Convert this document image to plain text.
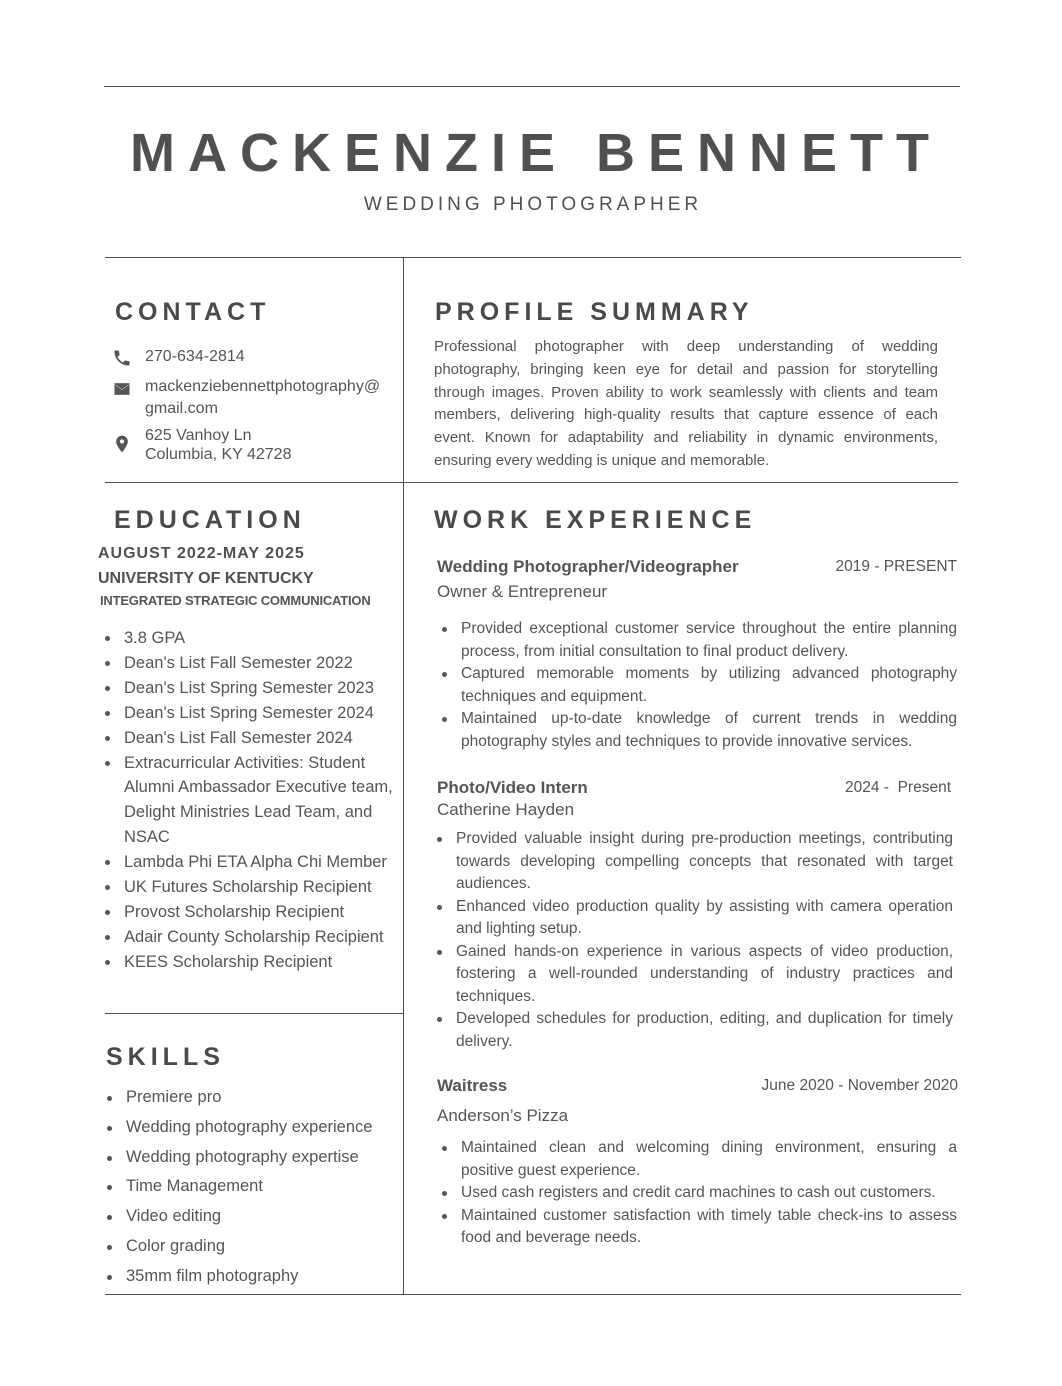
MACKENZIE BENNETT
WEDDING PHOTOGRAPHER
CONTACT
270-634-2814
mackenziebennettphotography@
gmail.com
625 Vanhoy Ln
Columbia, KY 42728
PROFILE SUMMARY
Professional photographer with deep understanding of wedding photography, bringing keen eye for detail and passion for storytelling through images. Proven ability to work seamlessly with clients and team members, delivering high-quality results that capture essence of each event. Known for adaptability and reliability in dynamic environments, ensuring every wedding is unique and memorable.
EDUCATION
AUGUST 2022-MAY 2025
UNIVERSITY OF KENTUCKY
INTEGRATED STRATEGIC COMMUNICATION
3.8 GPA
Dean's List Fall Semester 2022
Dean's List Spring Semester 2023
Dean's List Spring Semester 2024
Dean's List Fall Semester 2024
Extracurricular Activities: Student Alumni Ambassador Executive team, Delight Ministries Lead Team, and NSAC
Lambda Phi ETA Alpha Chi Member
UK Futures Scholarship Recipient
Provost Scholarship Recipient
Adair County Scholarship Recipient
KEES Scholarship Recipient
SKILLS
Premiere pro
Wedding photography experience
Wedding photography expertise
Time Management
Video editing
Color grading
35mm film photography
WORK EXPERIENCE
Wedding Photographer/Videographer	2019 - PRESENT
Owner & Entrepreneur
Provided exceptional customer service throughout the entire planning process, from initial consultation to final product delivery.
Captured memorable moments by utilizing advanced photography techniques and equipment.
Maintained up-to-date knowledge of current trends in wedding photography styles and techniques to provide innovative services.
Photo/Video Intern	2024 -  Present
Catherine Hayden
Provided valuable insight during pre-production meetings, contributing towards developing compelling concepts that resonated with target audiences.
Enhanced video production quality by assisting with camera operation and lighting setup.
Gained hands-on experience in various aspects of video production, fostering a well-rounded understanding of industry practices and techniques.
Developed schedules for production, editing, and duplication for timely delivery.
Waitress	June 2020 - November 2020
Anderson’s Pizza
Maintained clean and welcoming dining environment, ensuring a positive guest experience.
Used cash registers and credit card machines to cash out customers.
Maintained customer satisfaction with timely table check-ins to assess food and beverage needs.
